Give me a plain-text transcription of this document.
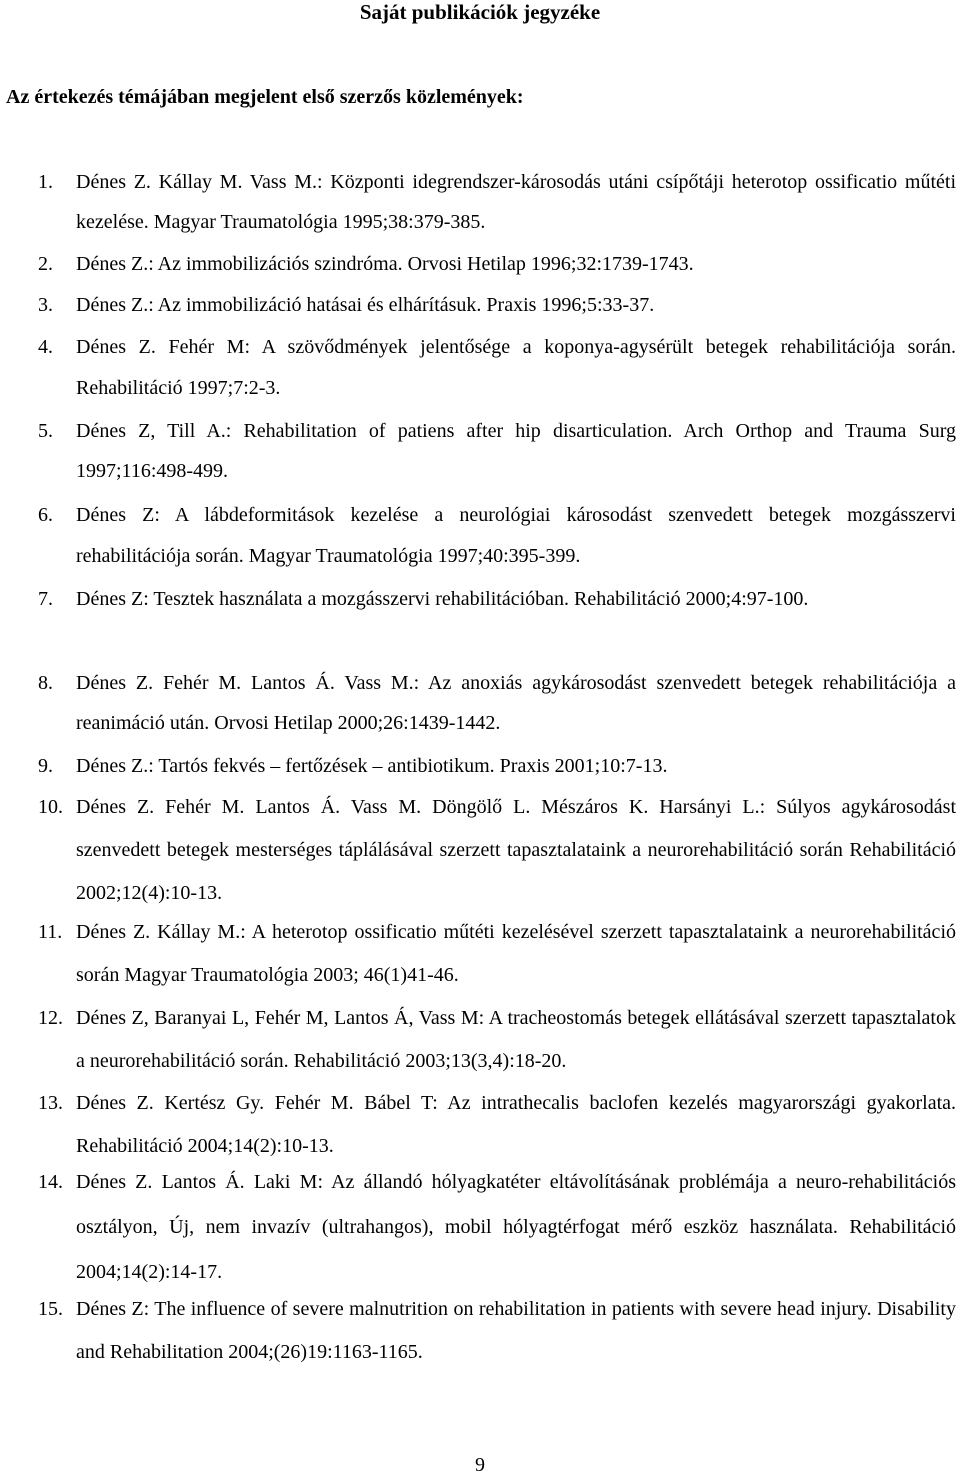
Saját publikációk jegyzéke
Az értekezés témájában megjelent első szerzős közlemények:
1. Dénes Z. Kállay M. Vass M.: Központi idegrendszer-károsodás utáni csípőtáji heterotop ossificatio műtéti kezelése. Magyar Traumatológia 1995;38:379-385.
2. Dénes Z.: Az immobilizációs szindróma. Orvosi Hetilap 1996;32:1739-1743.
3. Dénes Z.: Az immobilizáció hatásai és elhárításuk. Praxis 1996;5:33-37.
4. Dénes Z. Fehér M: A szövődmények jelentősége a koponya-agysérült betegek rehabilitációja során. Rehabilitáció 1997;7:2-3.
5. Dénes Z, Till A.: Rehabilitation of patiens after hip disarticulation. Arch Orthop and Trauma Surg 1997;116:498-499.
6. Dénes Z: A lábdeformitások kezelése a neurológiai károsodást szenvedett betegek mozgásszervi rehabilitációja során. Magyar Traumatológia 1997;40:395-399.
7. Dénes Z: Tesztek használata a mozgásszervi rehabilitációban. Rehabilitáció 2000;4:97-100.
8. Dénes Z. Fehér M. Lantos Á. Vass M.: Az anoxiás agykárosodást szenvedett betegek rehabilitációja a reanimáció után. Orvosi Hetilap 2000;26:1439-1442.
9. Dénes Z.: Tartós fekvés – fertőzések – antibiotikum. Praxis 2001;10:7-13.
10. Dénes Z. Fehér M. Lantos Á. Vass M. Döngölő L. Mészáros K. Harsányi L.: Súlyos agykárosodást szenvedett betegek mesterséges táplálásával szerzett tapasztalataink a neurorehabilitáció során Rehabilitáció 2002;12(4):10-13.
11. Dénes Z. Kállay M.: A heterotop ossificatio műtéti kezelésével szerzett tapasztalataink a neurorehabilitáció során Magyar Traumatológia 2003; 46(1)41-46.
12. Dénes Z, Baranyai L, Fehér M, Lantos Á, Vass M: A tracheostomás betegek ellátásával szerzett tapasztalatok a neurorehabilitáció során. Rehabilitáció 2003;13(3,4):18-20.
13. Dénes Z. Kertész Gy. Fehér M. Bábel T: Az intrathecalis baclofen kezelés magyarországi gyakorlata. Rehabilitáció 2004;14(2):10-13.
14. Dénes Z. Lantos Á. Laki M: Az állandó hólyagkatéter eltávolításának problémája a neuro-rehabilitációs osztályon, Új, nem invazív (ultrahangos), mobil hólyagtérfogat mérő eszköz használata. Rehabilitáció 2004;14(2):14-17.
15. Dénes Z: The influence of severe malnutrition on rehabilitation in patients with severe head injury. Disability and Rehabilitation 2004;(26)19:1163-1165.
9
